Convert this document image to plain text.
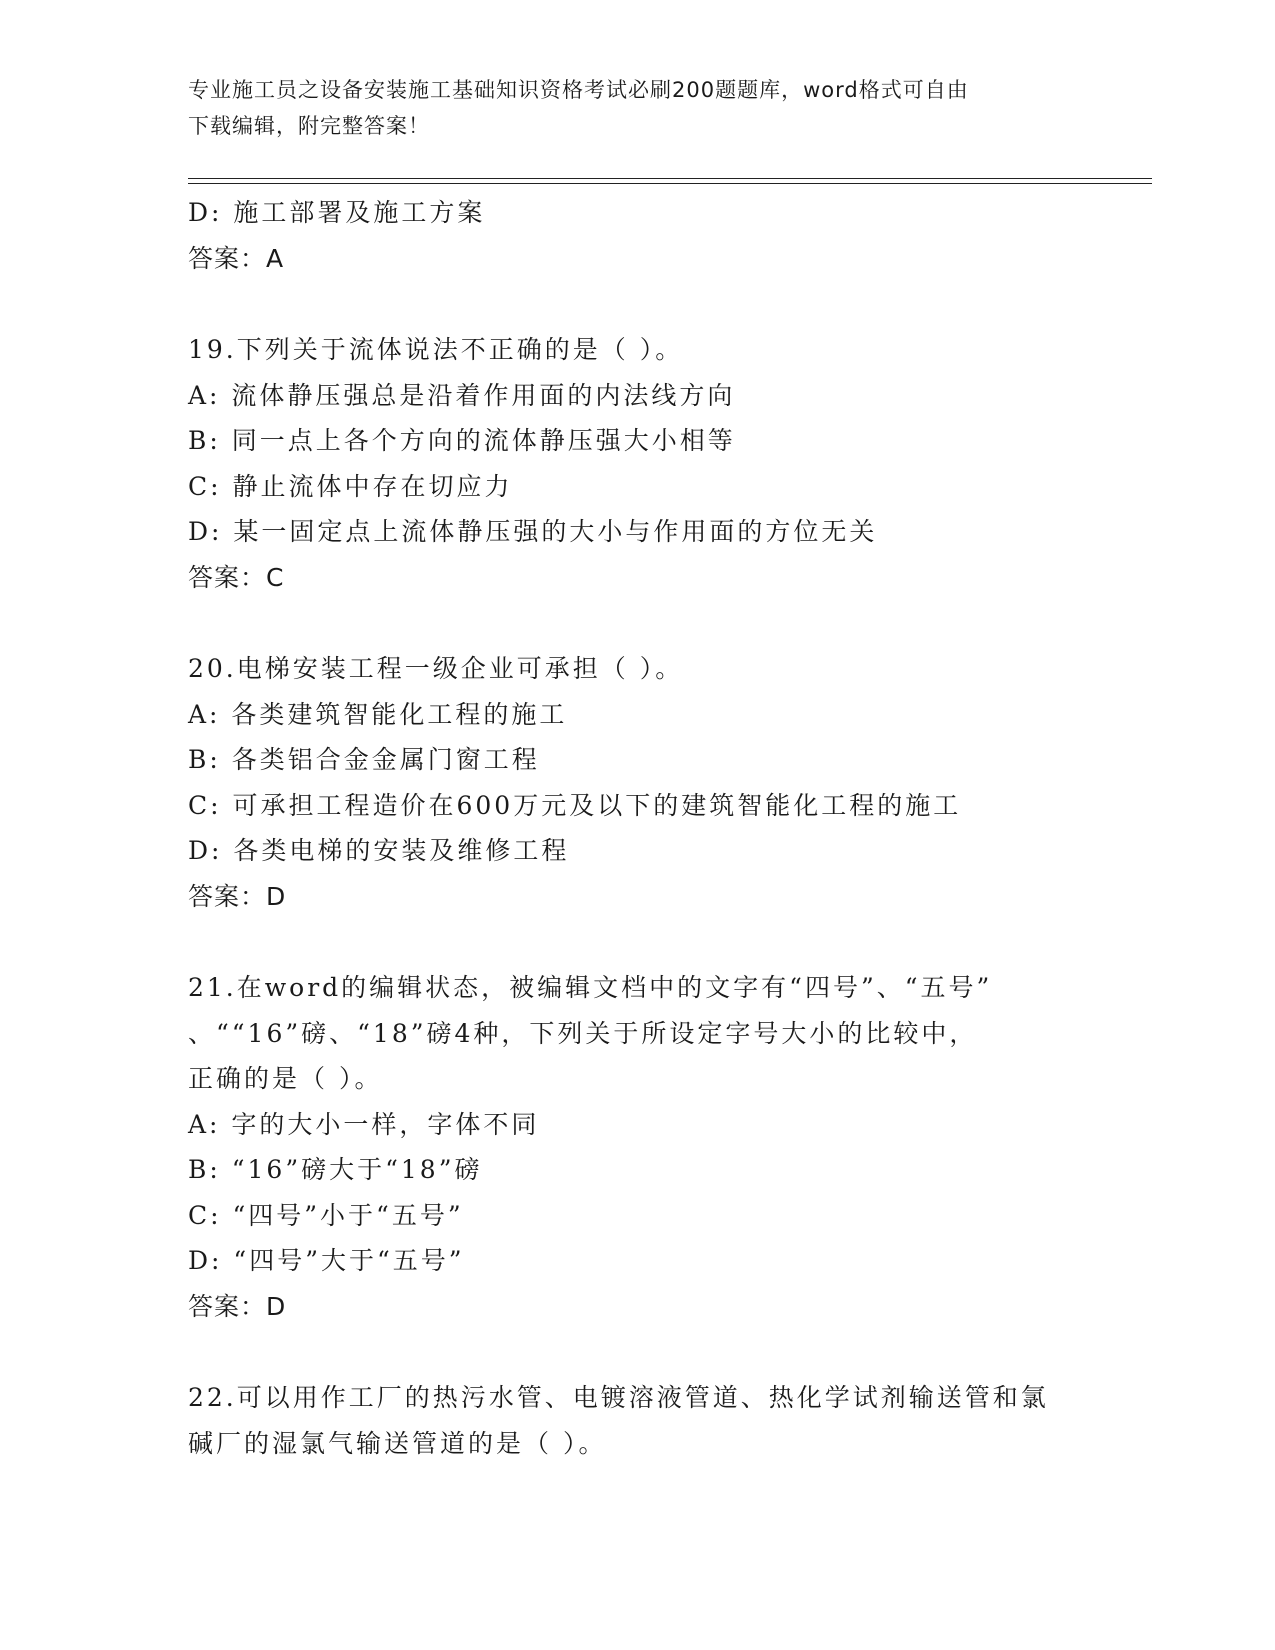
专业施工员之设备安装施工基础知识资格考试必刷200题题库，word格式可自由
下载编辑，附完整答案！
D: 施工部署及施工方案
答案：A
19.下列关于流体说法不正确的是（ ）。
A: 流体静压强总是沿着作用面的内法线方向
B: 同一点上各个方向的流体静压强大小相等
C: 静止流体中存在切应力
D: 某一固定点上流体静压强的大小与作用面的方位无关
答案：C
20.电梯安装工程一级企业可承担（ ）。
A: 各类建筑智能化工程的施工
B: 各类铝合金金属门窗工程
C: 可承担工程造价在600万元及以下的建筑智能化工程的施工
D: 各类电梯的安装及维修工程
答案：D
21.在word的编辑状态，被编辑文档中的文字有“四号”、“五号”
、““16”磅、“18”磅4种，下列关于所设定字号大小的比较中，
正确的是（ ）。
A: 字的大小一样，字体不同
B: “16”磅大于“18”磅
C: “四号”小于“五号”
D: “四号”大于“五号”
答案：D
22.可以用作工厂的热污水管、电镀溶液管道、热化学试剂输送管和氯
碱厂的湿氯气输送管道的是（ ）。
